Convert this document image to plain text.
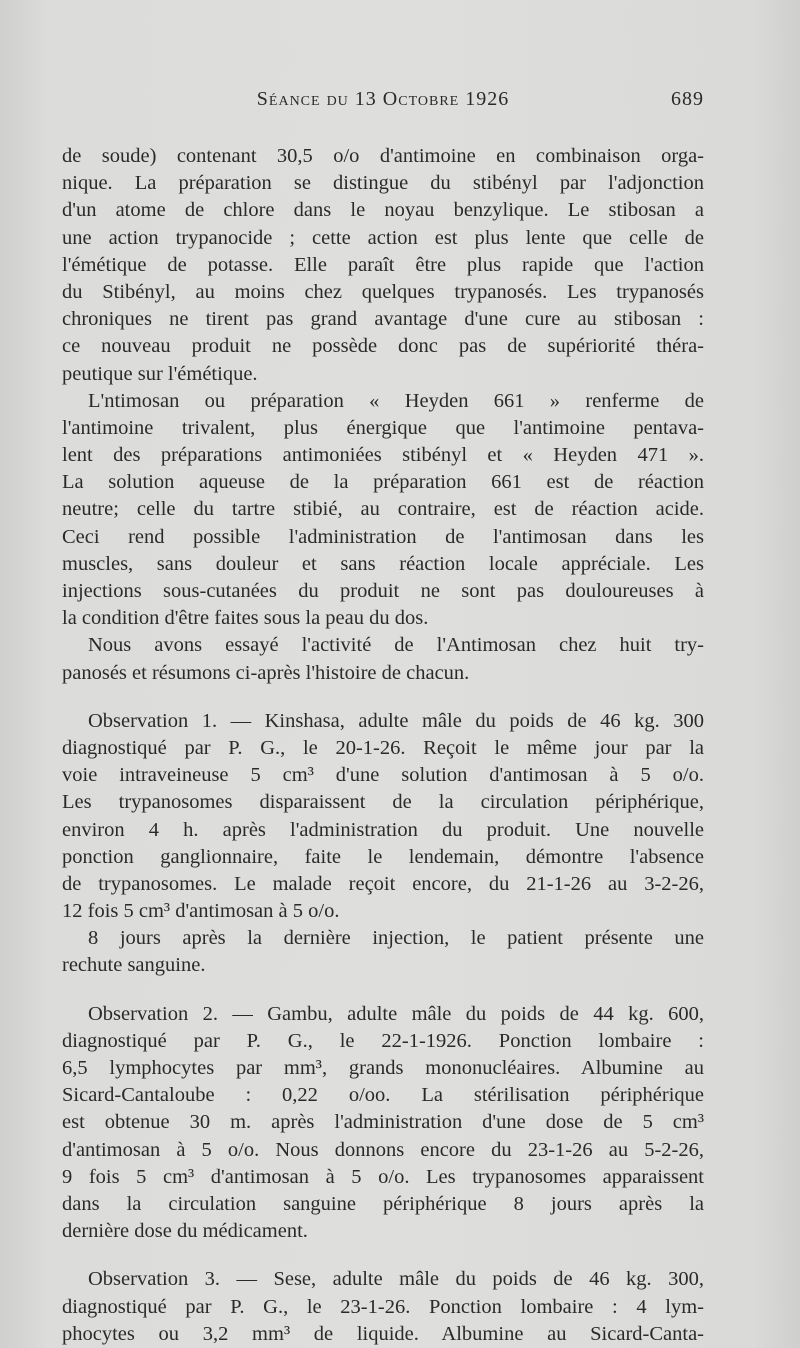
Séance du 13 Octobre 1926	689
de soude) contenant 30,5 o/o d'antimoine en combinaison orga-
nique. La préparation se distingue du stibényl par l'adjonction
d'un atome de chlore dans le noyau benzylique. Le stibosan a
une action trypanocide ; cette action est plus lente que celle de
l'émétique de potasse. Elle paraît être plus rapide que l'action
du Stibényl, au moins chez quelques trypanosés. Les trypanosés
chroniques ne tirent pas grand avantage d'une cure au stibosan :
ce nouveau produit ne possède donc pas de supériorité théra-
peutique sur l'émétique.
L'ntimosan ou préparation « Heyden 661 » renferme de
l'antimoine trivalent, plus énergique que l'antimoine pentava-
lent des préparations antimoniées stibényl et « Heyden 471 ».
La solution aqueuse de la préparation 661 est de réaction
neutre; celle du tartre stibié, au contraire, est de réaction acide.
Ceci rend possible l'administration de l'antimosan dans les
muscles, sans douleur et sans réaction locale appréciale. Les
injections sous-cutanées du produit ne sont pas douloureuses à
la condition d'être faites sous la peau du dos.
Nous avons essayé l'activité de l'Antimosan chez huit try-
panosés et résumons ci-après l'histoire de chacun.
Observation 1. — Kinshasa, adulte mâle du poids de 46 kg. 300
diagnostiqué par P. G., le 20-1-26. Reçoit le même jour par la
voie intraveineuse 5 cm³ d'une solution d'antimosan à 5 o/o.
Les trypanosomes disparaissent de la circulation périphérique,
environ 4 h. après l'administration du produit. Une nouvelle
ponction ganglionnaire, faite le lendemain, démontre l'absence
de trypanosomes. Le malade reçoit encore, du 21-1-26 au 3-2-26,
12 fois 5 cm³ d'antimosan à 5 o/o.
8 jours après la dernière injection, le patient présente une
rechute sanguine.
Observation 2. — Gambu, adulte mâle du poids de 44 kg. 600,
diagnostiqué par P. G., le 22-1-1926. Ponction lombaire :
6,5 lymphocytes par mm³, grands mononucléaires. Albumine au
Sicard-Cantaloube : 0,22 o/oo. La stérilisation périphérique
est obtenue 30 m. après l'administration d'une dose de 5 cm³
d'antimosan à 5 o/o. Nous donnons encore du 23-1-26 au 5-2-26,
9 fois 5 cm³ d'antimosan à 5 o/o. Les trypanosomes apparaissent
dans la circulation sanguine périphérique 8 jours après la
dernière dose du médicament.
Observation 3. — Sese, adulte mâle du poids de 46 kg. 300,
diagnostiqué par P. G., le 23-1-26. Ponction lombaire : 4 lym-
phocytes ou 3,2 mm³ de liquide. Albumine au Sicard-Canta-
